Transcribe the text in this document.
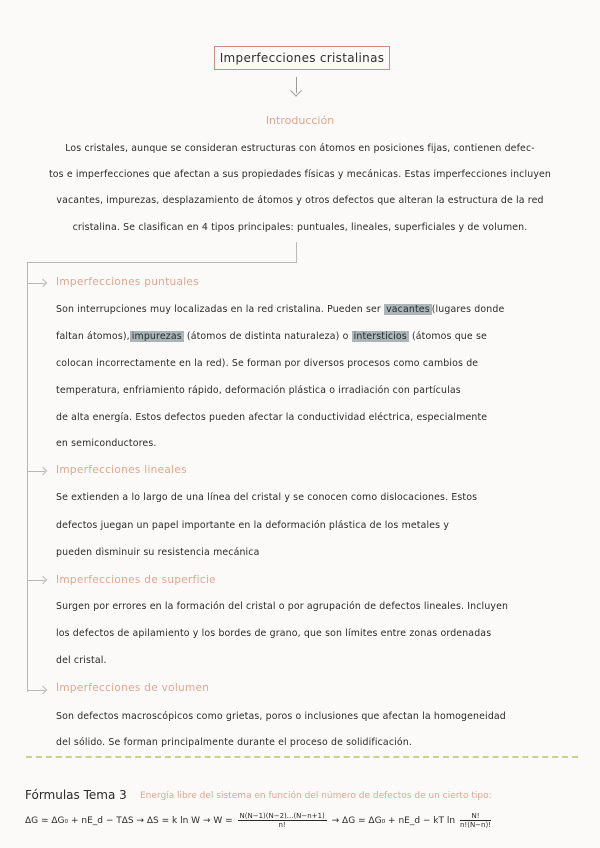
Imperfecciones cristalinas
Introducción
Los cristales, aunque se consideran estructuras con átomos en posiciones fijas, contienen defec-
tos e imperfecciones que afectan a sus propiedades físicas y mecánicas. Estas imperfecciones incluyen
vacantes, impurezas, desplazamiento de átomos y otros defectos que alteran la estructura de la red
cristalina. Se clasifican en 4 tipos principales: puntuales, lineales, superficiales y de volumen.
Imperfecciones puntuales
Son interrupciones muy localizadas en la red cristalina. Pueden ser vacantes (lugares donde
faltan átomos), impurezas (átomos de distinta naturaleza) o intersticios (átomos que se
colocan incorrectamente en la red). Se forman por diversos procesos como cambios de
temperatura, enfriamiento rápido, deformación plástica o irradiación con partículas
de alta energía. Estos defectos pueden afectar la conductividad eléctrica, especialmente
en semiconductores.
Imperfecciones lineales
Se extienden a lo largo de una línea del cristal y se conocen como dislocaciones. Estos
defectos juegan un papel importante en la deformación plástica de los metales y
pueden disminuir su resistencia mecánica
Imperfecciones de superficie
Surgen por errores en la formación del cristal o por agrupación de defectos lineales. Incluyen
los defectos de apilamiento y los bordes de grano, que son límites entre zonas ordenadas
del cristal.
Imperfecciones de volumen
Son defectos macroscópicos como grietas, poros o inclusiones que afectan la homogeneidad
del sólido. Se forman principalmente durante el proceso de solidificación.
Fórmulas Tema 3 Energía libre del sistema en función del número de defectos de un cierto tipo:
ΔG = ΔG₀ + nE_d − TΔS → ΔS = k $\ln W \to W = \frac{N(N-1)(N-2)...(N-n+1)}{n!} \to \Delta G = \Delta G_0$ + nE_d − kT $\ln \frac{N!}{n!(N-n)!}$
